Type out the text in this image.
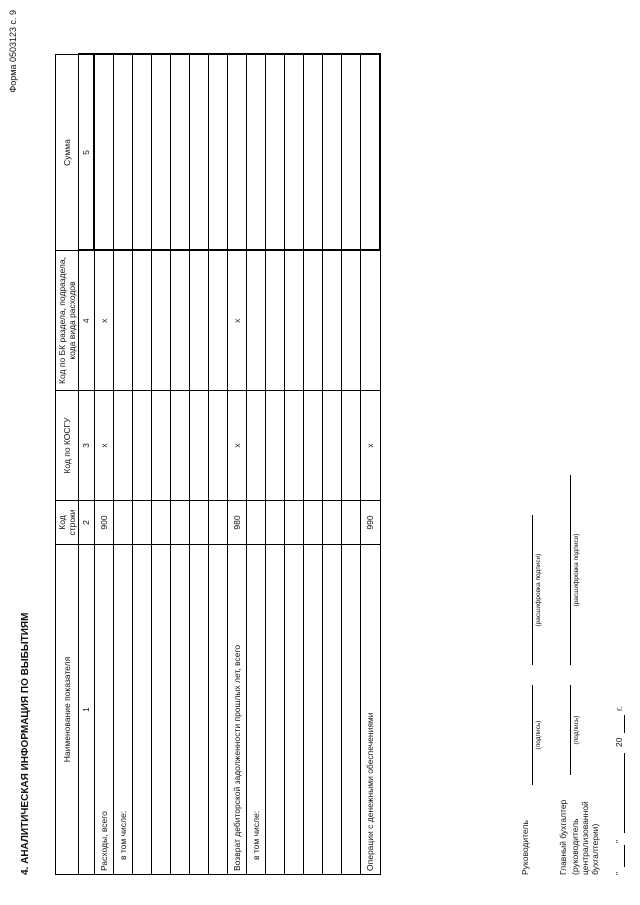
Форма 0503123 с. 9
4. АНАЛИТИЧЕСКАЯ ИНФОРМАЦИЯ ПО ВЫБЫТИЯМ	Наименование показателя	Код строки	Код по КОСГУ	Код по БК раздела, подраздела, кода вида расходов	Сумма
1	2	3	4	5
Расходы, всего	900	x	x	
в том числе:				

Возврат дебиторской задолженности прошлых лет, всего	980	x	x	
в том числе:				

Операции с денежными обеспечениями	990	x		
Руководитель
(подпись)
(расшифровка подписи)
Главный бухгалтер (руководитель централизованной бухгалтерии)
(подпись)
(расшифровка подписи)
"
"
20
г.
